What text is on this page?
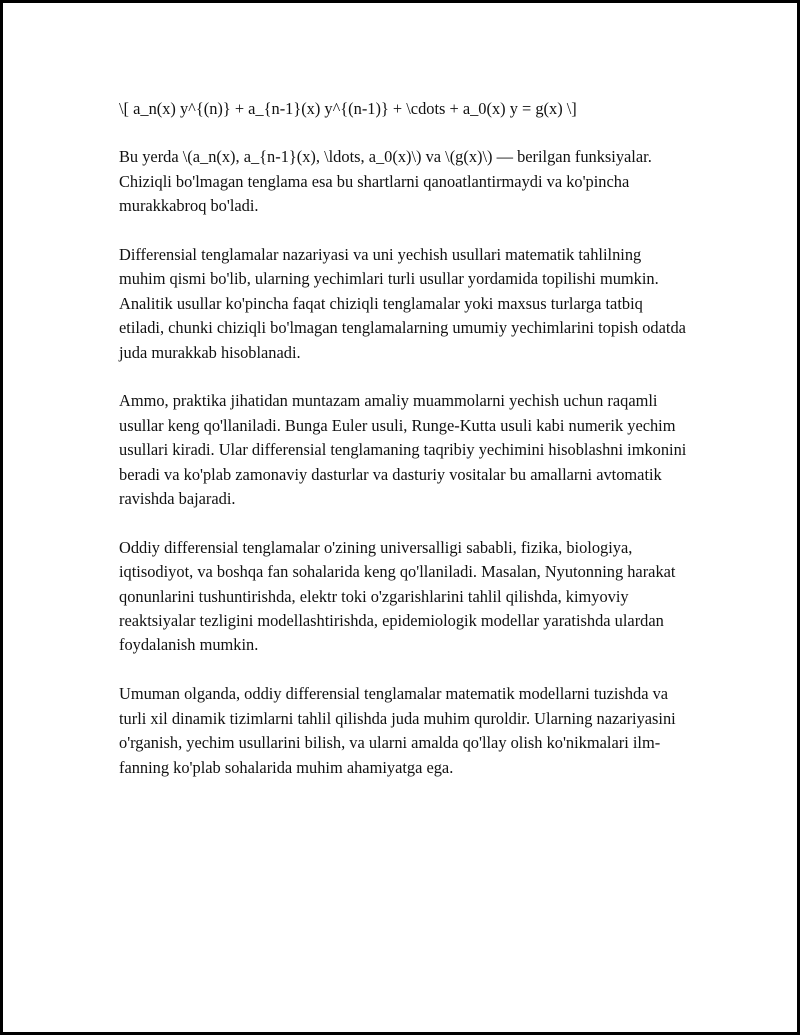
\[ a_n(x) y^{(n)} + a_{n-1}(x) y^{(n-1)} + \cdots + a_0(x) y = g(x) \]

Bu yerda \(a_n(x), a_{n-1}(x), \ldots, a_0(x)\) va \(g(x)\) — berilgan funksiyalar. Chiziqli bo'lmagan tenglama esa bu shartlarni qanoatlantirmaydi va ko'pincha murakkabroq bo'ladi.

Differensial tenglamalar nazariyasi va uni yechish usullari matematik tahlilning muhim qismi bo'lib, ularning yechimlari turli usullar yordamida topilishi mumkin. Analitik usullar ko'pincha faqat chiziqli tenglamalar yoki maxsus turlarga tatbiq etiladi, chunki chiziqli bo'lmagan tenglamalarning umumiy yechimlarini topish odatda juda murakkab hisoblanadi.

Ammo, praktika jihatidan muntazam amaliy muammolarni yechish uchun raqamli usullar keng qo'llaniladi. Bunga Euler usuli, Runge-Kutta usuli kabi numerik yechim usullari kiradi. Ular differensial tenglamaning taqribiy yechimini hisoblashni imkonini beradi va ko'plab zamonaviy dasturlar va dasturiy vositalar bu amallarni avtomatik ravishda bajaradi.

Oddiy differensial tenglamalar o'zining universalligi sababli, fizika, biologiya, iqtisodiyot, va boshqa fan sohalarida keng qo'llaniladi. Masalan, Nyutonning harakat qonunlarini tushuntirishda, elektr toki o'zgarishlarini tahlil qilishda, kimyoviy reaktsiyalar tezligini modellashtirishda, epidemiologik modellar yaratishda ulardan foydalanish mumkin.

Umuman olganda, oddiy differensial tenglamalar matematik modellarni tuzishda va turli xil dinamik tizimlarni tahlil qilishda juda muhim quroldir. Ularning nazariyasini o'rganish, yechim usullarini bilish, va ularni amalda qo'llay olish ko'nikmalari ilm-fanning ko'plab sohalarida muhim ahamiyatga ega.
